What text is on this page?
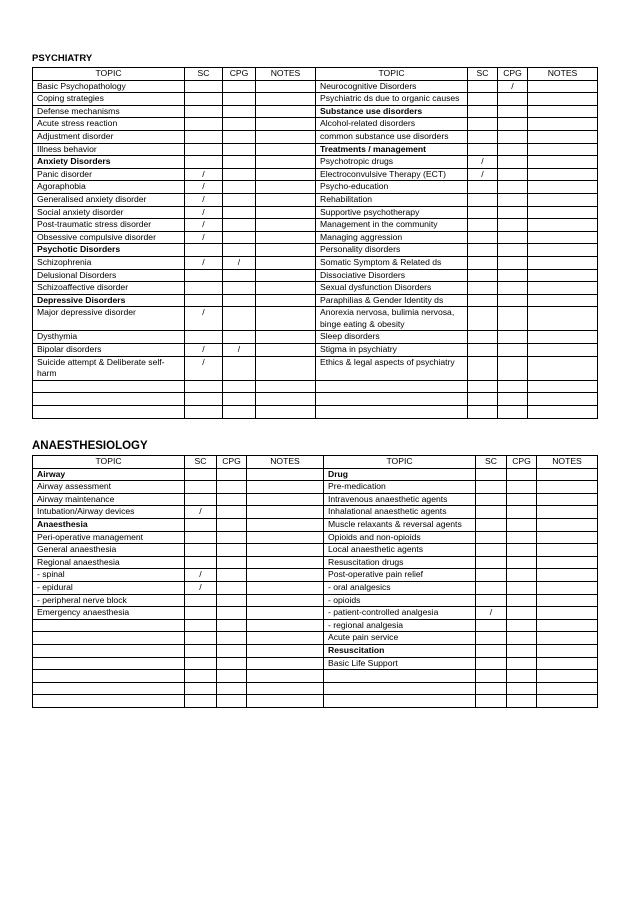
PSYCHIATRY
TOPIC	SC	CPG	NOTES	TOPIC	SC	CPG	NOTES
Basic Psychopathology				Neurocognitive Disorders		/	
Coping strategies				Psychiatric ds due to organic causes			
Defense mechanisms				Substance use disorders			
Acute stress reaction				Alcohol-related disorders			
Adjustment disorder				common substance use disorders			
Illness behavior				Treatments / management			
Anxiety Disorders				Psychotropic drugs	/		
Panic disorder	/			Electroconvulsive Therapy (ECT)	/		
Agoraphobia	/			Psycho-education			
Generalised anxiety disorder	/			Rehabilitation			
Social anxiety disorder	/			Supportive psychotherapy			
Post-traumatic stress disorder	/			Management in the community			
Obsessive compulsive disorder	/			Managing aggression			
Psychotic Disorders				Personality disorders			
Schizophrenia	/	/		Somatic Symptom & Related ds			
Delusional Disorders				Dissociative Disorders			
Schizoaffective disorder				Sexual dysfunction Disorders			
Depressive Disorders				Paraphilias & Gender Identity ds			
Major depressive disorder	/			Anorexia nervosa, bulimia nervosa, binge eating & obesity			
Dysthymia				Sleep disorders			
Bipolar disorders	/	/		Stigma in psychiatry			
Suicide attempt & Deliberate self-harm	/			Ethics & legal aspects of psychiatry			

ANAESTHESIOLOGY
TOPIC	SC	CPG	NOTES	TOPIC	SC	CPG	NOTES
Airway				Drug			
Airway assessment				Pre-medication			
Airway maintenance				Intravenous anaesthetic agents			
Intubation/Airway devices	/			Inhalational anaesthetic agents			
Anaesthesia				Muscle relaxants & reversal agents			
Peri-operative management				Opioids and non-opioids			
General anaesthesia				Local anaesthetic agents			
Regional anaesthesia				Resuscitation drugs			
- spinal	/			Post-operative pain relief			
- epidural	/			- oral analgesics			
- peripheral nerve block				- opioids			
Emergency anaesthesia				- patient-controlled analgesia	/		
				- regional analgesia			
				Acute pain service			
				Resuscitation			
				Basic Life Support			
